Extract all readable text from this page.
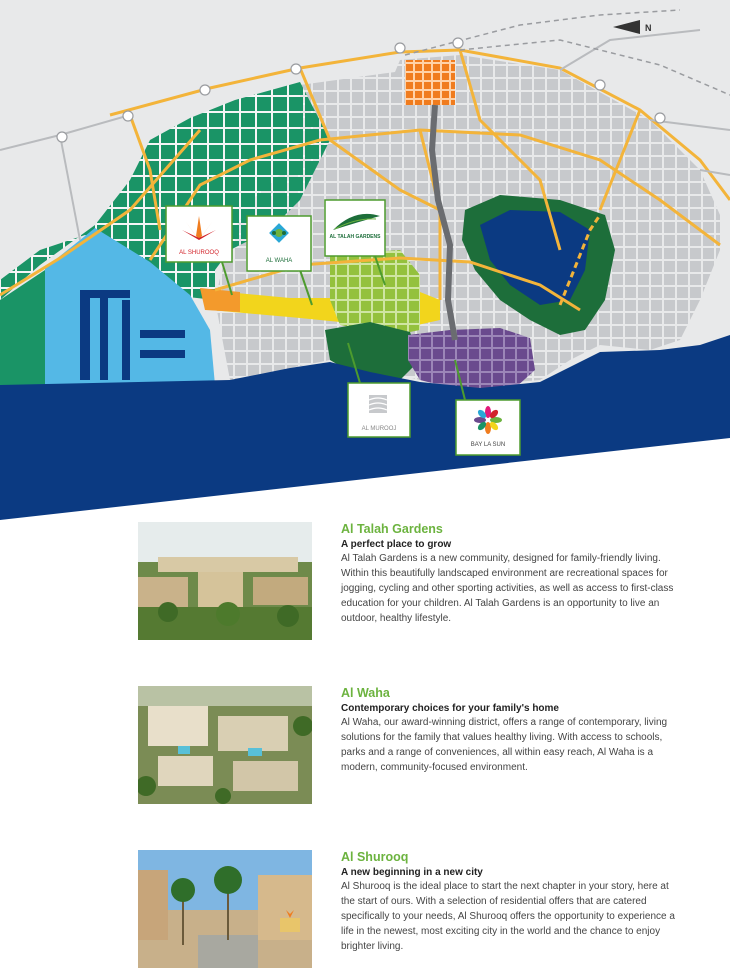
N
AL SHUROOQ
AL WAHA
AL TALAH GARDENS
AL MUROOJ
BAY LA SUN

Al Talah Gardens

A perfect place to grow

Al Talah Gardens is a new community, designed for family-friendly living. Within this beautifully landscaped environment are recreational spaces for jogging, cycling and other sporting activities, as well as access to first-class education for your children. Al Talah Gardens is an opportunity to live an outdoor, healthy lifestyle.

Al Waha

Contemporary choices for your family's home

Al Waha, our award-winning district, offers a range of contemporary, living solutions for the family that values healthy living. With access to schools, parks and a range of conveniences, all within easy reach, Al Waha is a modern, community-focused environment.

Al Shurooq

A new beginning in a new city

Al Shurooq is the ideal place to start the next chapter in your story, here at the start of ours. With a selection of residential offers that are catered specifically to your needs, Al Shurooq offers the opportunity to experience a life in the newest, most exciting city in the world and the chance to enjoy brighter living.
